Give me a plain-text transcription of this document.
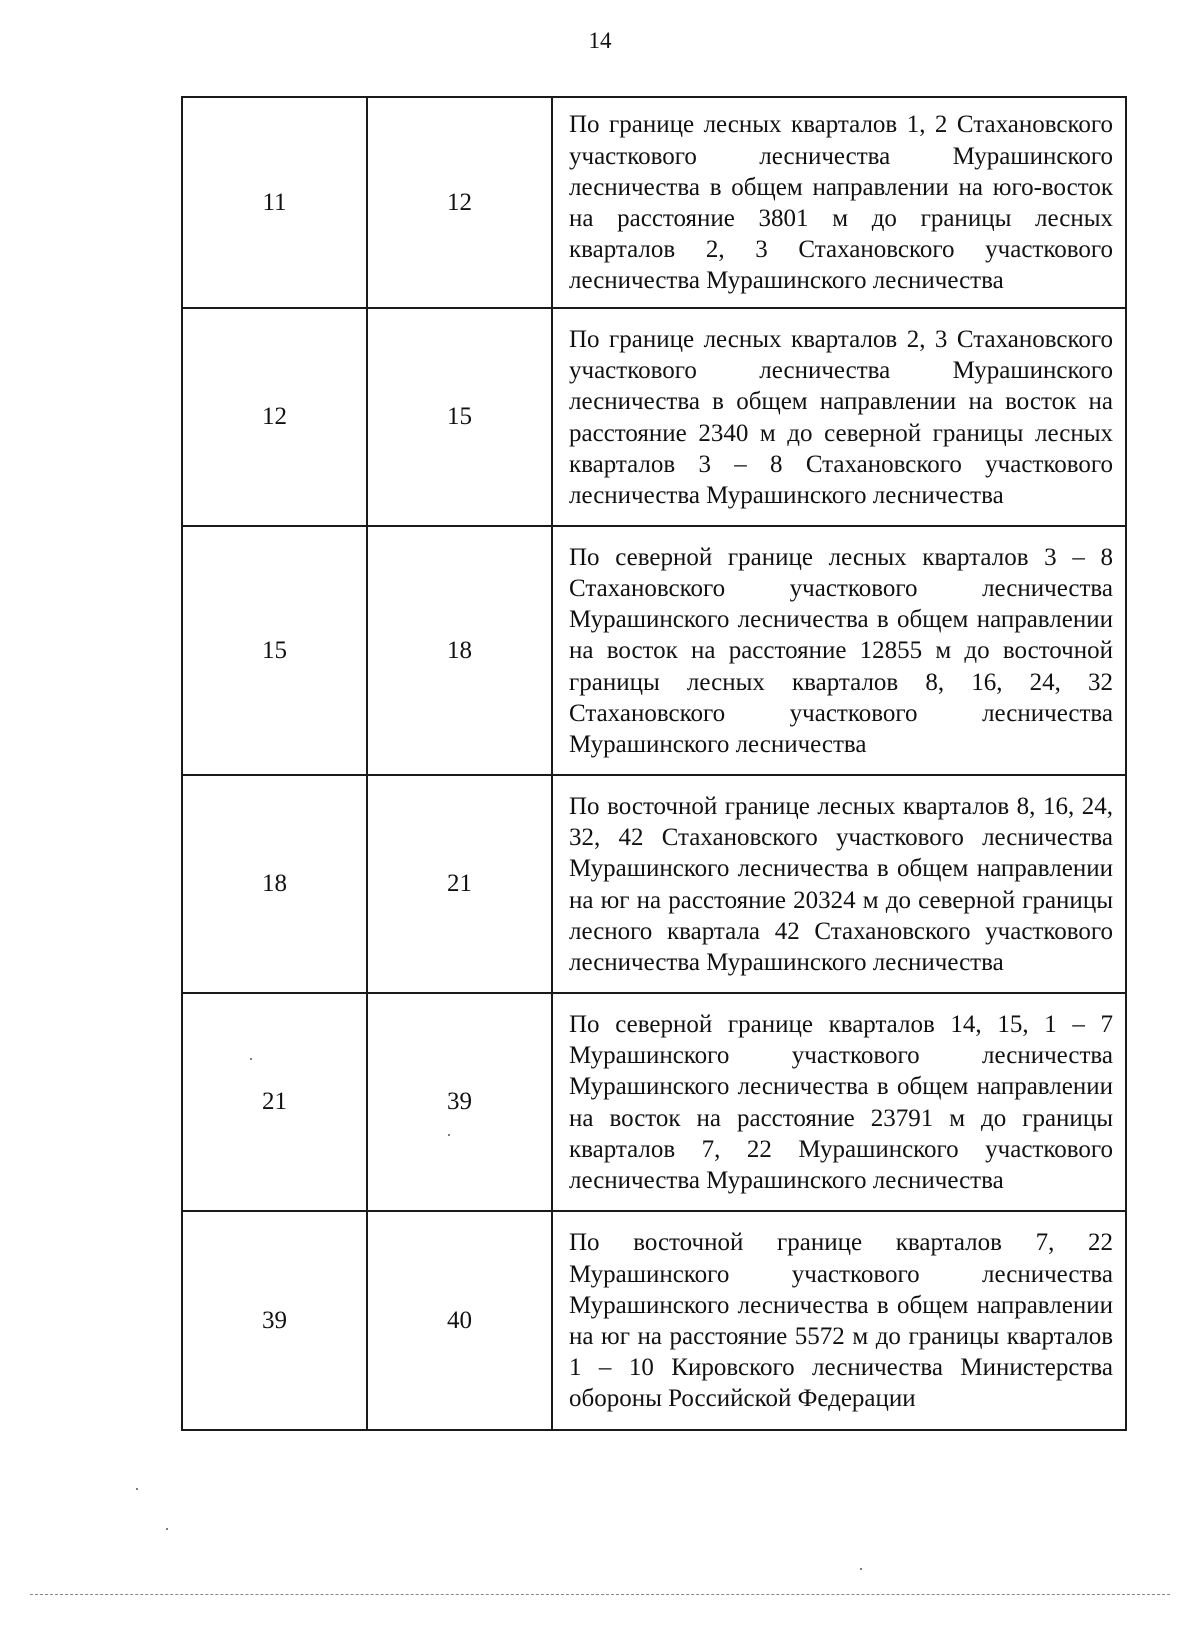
14
11	12	По границе лесных кварталов 1, 2 Стахановского участкового лесничества Мурашинского лесничества в общем направлении на юго-восток на расстояние 3801 м до границы лесных кварталов 2, 3 Стахановского участкового лесничества Мурашинского лесничества
12	15	По границе лесных кварталов 2, 3 Стахановского участкового лесничества Мурашинского лесничества в общем направлении на восток на расстояние 2340 м до северной границы лесных кварталов 3 – 8 Стахановского участкового лесничества Мурашинского лесничества
15	18	По северной границе лесных кварталов 3 – 8 Стахановского участкового лесничества Мурашинского лесничества в общем направлении на восток на расстояние 12855 м до восточной границы лесных кварталов 8, 16, 24, 32 Стахановского участкового лесничества Мурашинского лесничества
18	21	По восточной границе лесных кварталов 8, 16, 24, 32, 42 Стахановского участкового лесничества Мурашинского лесничества в общем направлении на юг на расстояние 20324 м до северной границы лесного квартала 42 Стахановского участкового лесничества Мурашинского лесничества
21	39	По северной границе кварталов 14, 15, 1 – 7 Мурашинского участкового лесничества Мурашинского лесничества в общем направлении на восток на расстояние 23791 м до границы кварталов 7, 22 Мурашинского участкового лесничества Мурашинского лесничества
39	40	По восточной границе кварталов 7, 22 Мурашинского участкового лесничества Мурашинского лесничества в общем направлении на юг на расстояние 5572 м до границы кварталов 1 – 10 Кировского лесничества Министерства обороны Российской Федерации
